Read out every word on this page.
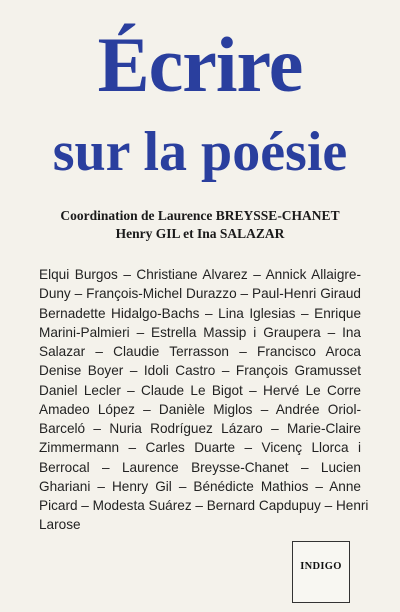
Écrire
sur la poésie
Coordination de Laurence BREYSSE-CHANET
Henry GIL et Ina SALAZAR
Elqui Burgos – Christiane Alvarez – Annick Allaigre-
Duny – François-Michel Durazzo – Paul-Henri Giraud
Bernadette Hidalgo-Bachs – Lina Iglesias – Enrique
Marini-Palmieri – Estrella Massip i Graupera – Ina
Salazar – Claudie Terrasson – Francisco Aroca
Denise Boyer – Idoli Castro – François Gramusset
Daniel Lecler – Claude Le Bigot – Hervé Le Corre
Amadeo López – Danièle Miglos – Andrée Oriol-
Barceló – Nuria Rodríguez Lázaro – Marie-Claire
Zimmermann – Carles Duarte – Vicenç Llorca i
Berrocal – Laurence Breysse-Chanet – Lucien
Ghariani – Henry Gil – Bénédicte Mathios – Anne
Picard – Modesta Suárez – Bernard Capdupuy – Henri
Larose
INDIGO
